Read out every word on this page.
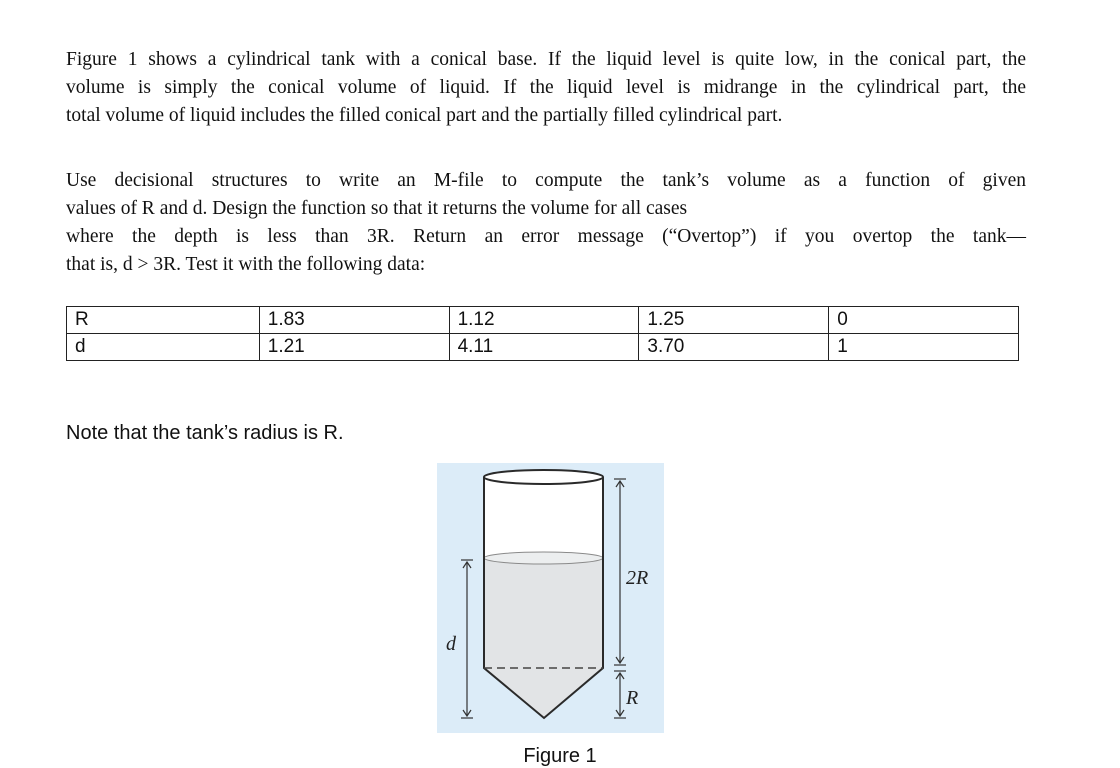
Figure 1 shows a cylindrical tank with a conical base. If the liquid level is quite low, in the conical part, the
volume is simply the conical volume of liquid. If the liquid level is midrange in the cylindrical part, the
total volume of liquid includes the filled conical part and the partially filled cylindrical part.
Use decisional structures to write an M-file to compute the tank’s volume as a function of given
values of R and d. Design the function so that it returns the volume for all cases
where the depth is less than 3R. Return an error message (“Overtop”) if you overtop the tank—
that is, d > 3R. Test it with the following data:
R	1.83	1.12	1.25	0
d	1.21	4.11	3.70	1
Note that the tank’s radius is R.
2R
R
d
Figure 1
